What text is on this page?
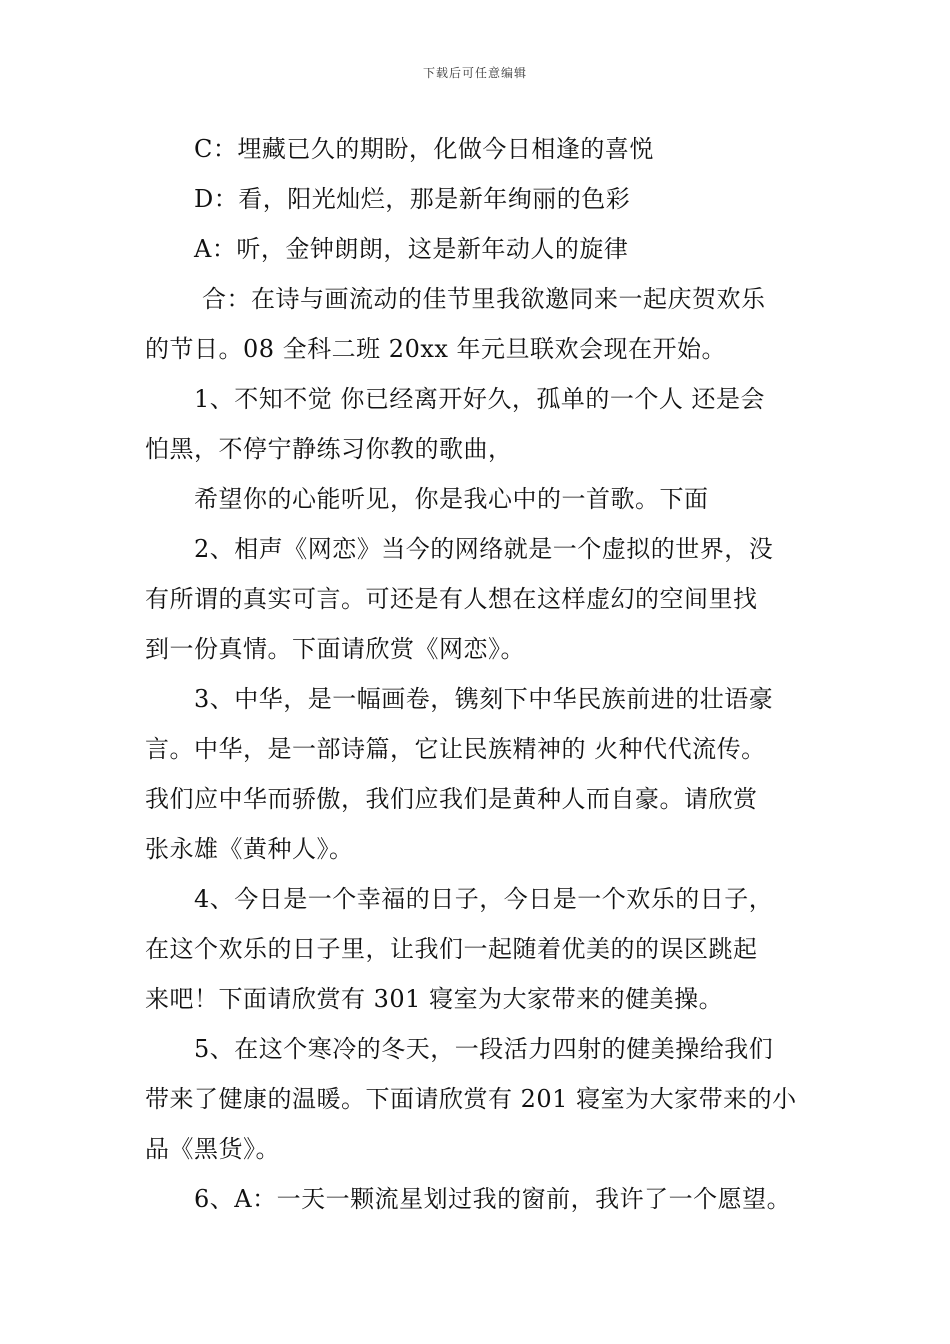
下载后可任意编辑
C：埋藏已久的期盼，化做今日相逢的喜悦
D：看，阳光灿烂，那是新年绚丽的色彩
A：听，金钟朗朗，这是新年动人的旋律
合：在诗与画流动的佳节里我欲邀同来一起庆贺欢乐
的节日。08 全科二班 20xx 年元旦联欢会现在开始。
1、不知不觉 你已经离开好久，孤单的一个人 还是会
怕黑，不停宁静练习你教的歌曲，
希望你的心能听见，你是我心中的一首歌。下面
2、相声《网恋》当今的网络就是一个虚拟的世界，没
有所谓的真实可言。可还是有人想在这样虚幻的空间里找
到一份真情。下面请欣赏《网恋》。
3、中华，是一幅画卷，镌刻下中华民族前进的壮语豪
言。中华，是一部诗篇，它让民族精神的 火种代代流传。
我们应中华而骄傲，我们应我们是黄种人而自豪。请欣赏
张永雄《黄种人》。
4、今日是一个幸福的日子，今日是一个欢乐的日子，
在这个欢乐的日子里，让我们一起随着优美的的误区跳起
来吧！下面请欣赏有 301 寝室为大家带来的健美操。
5、在这个寒冷的冬天，一段活力四射的健美操给我们
带来了健康的温暖。下面请欣赏有 201 寝室为大家带来的小
品《黑货》。
6、A：一天一颗流星划过我的窗前，我许了一个愿望。
